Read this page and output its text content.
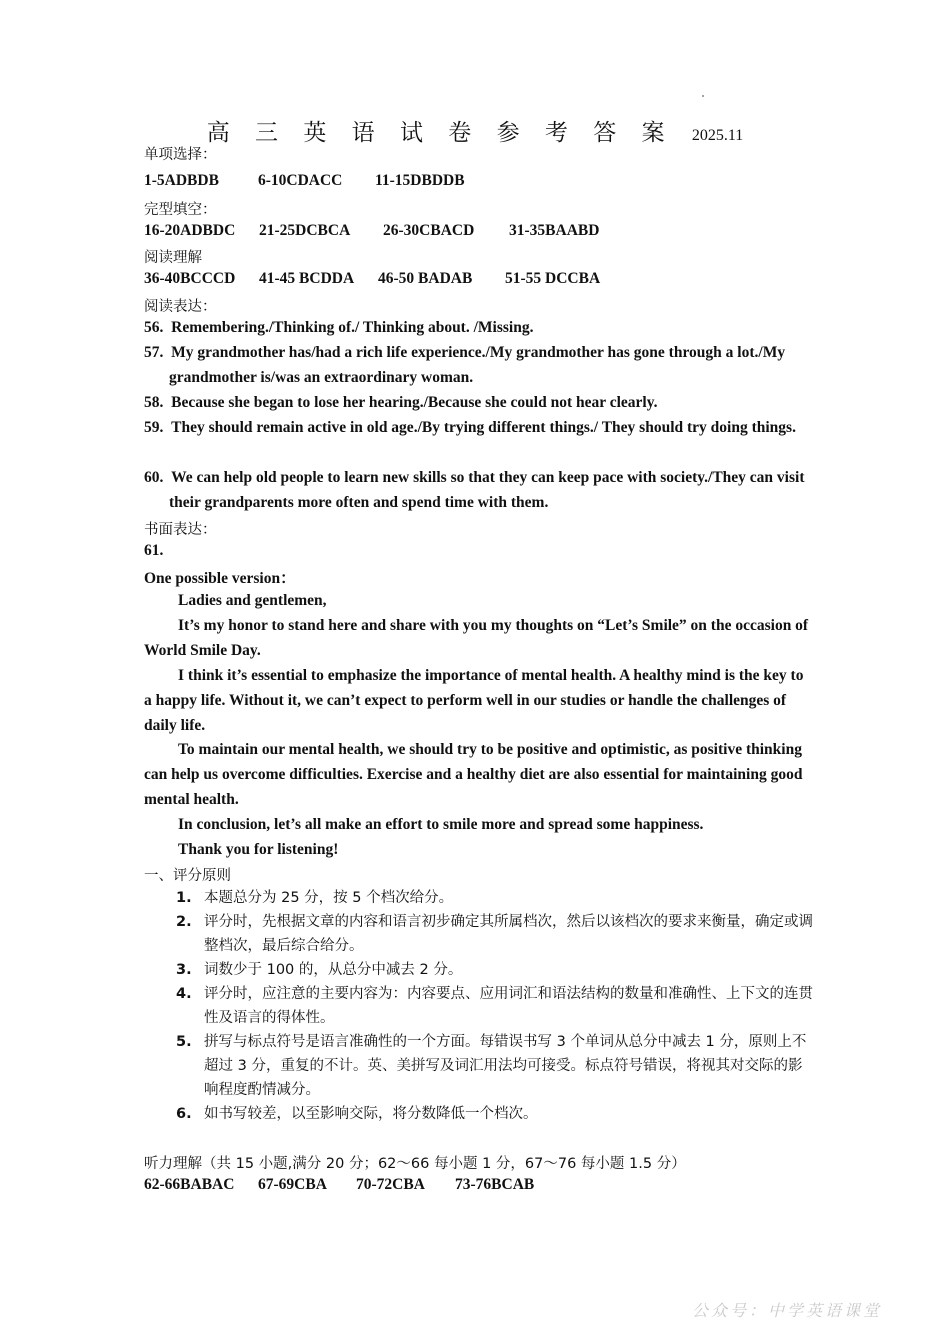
高 三 英 语 试 卷 参 考 答 案 2025.11
单项选择：
1-5ADBDB	6-10CDACC 11-15DBDDB
完型填空：
16-20ADBDC 21-25DCBCA 26-30CBACD 31-35BAABD
阅读理解
36-40BCCCD 41-45 BCDDA 46-50 BADAB 51-55 DCCBA
阅读表达：
56. Remembering./Thinking of./ Thinking about. /Missing.
57. My grandmother has/had a rich life experience./My grandmother has gone through a lot./My grandmother is/was an extraordinary woman.
58. Because she began to lose her hearing./Because she could not hear clearly.
59. They should remain active in old age./By trying different things./ They should try doing things.
60. We can help old people to learn new skills so that they can keep pace with society./They can visit their grandparents more often and spend time with them.
书面表达：
61.
One possible version：
Ladies and gentlemen,
It’s my honor to stand here and share with you my thoughts on “Let’s Smile” on the occasion of World Smile Day.
I think it’s essential to emphasize the importance of mental health. A healthy mind is the key to a happy life. Without it, we can’t expect to perform well in our studies or handle the challenges of daily life.
To maintain our mental health, we should try to be positive and optimistic, as positive thinking can help us overcome difficulties. Exercise and a healthy diet are also essential for maintaining good mental health.
In conclusion, let’s all make an effort to smile more and spread some happiness.
Thank you for listening!
一、评分原则
1. 本题总分为 25 分，按 5 个档次给分。
2. 评分时，先根据文章的内容和语言初步确定其所属档次，然后以该档次的要求来衡量，确定或调整档次，最后综合给分。
3. 词数少于 100 的，从总分中减去 2 分。
4. 评分时，应注意的主要内容为：内容要点、应用词汇和语法结构的数量和准确性、上下文的连贯性及语言的得体性。
5. 拼写与标点符号是语言准确性的一个方面。每错误书写 3 个单词从总分中减去 1 分，原则上不超过 3 分，重复的不计。英、美拼写及词汇用法均可接受。标点符号错误，将视其对交际的影响程度酌情减分。
6. 如书写较差，以至影响交际，将分数降低一个档次。
听力理解（共 15 小题,满分 20 分；62～66 每小题 1 分，67～76 每小题 1.5 分）
62-66BABAC 67-69CBA 70-72CBA 73-76BCAB
公众号：中学英语课堂
